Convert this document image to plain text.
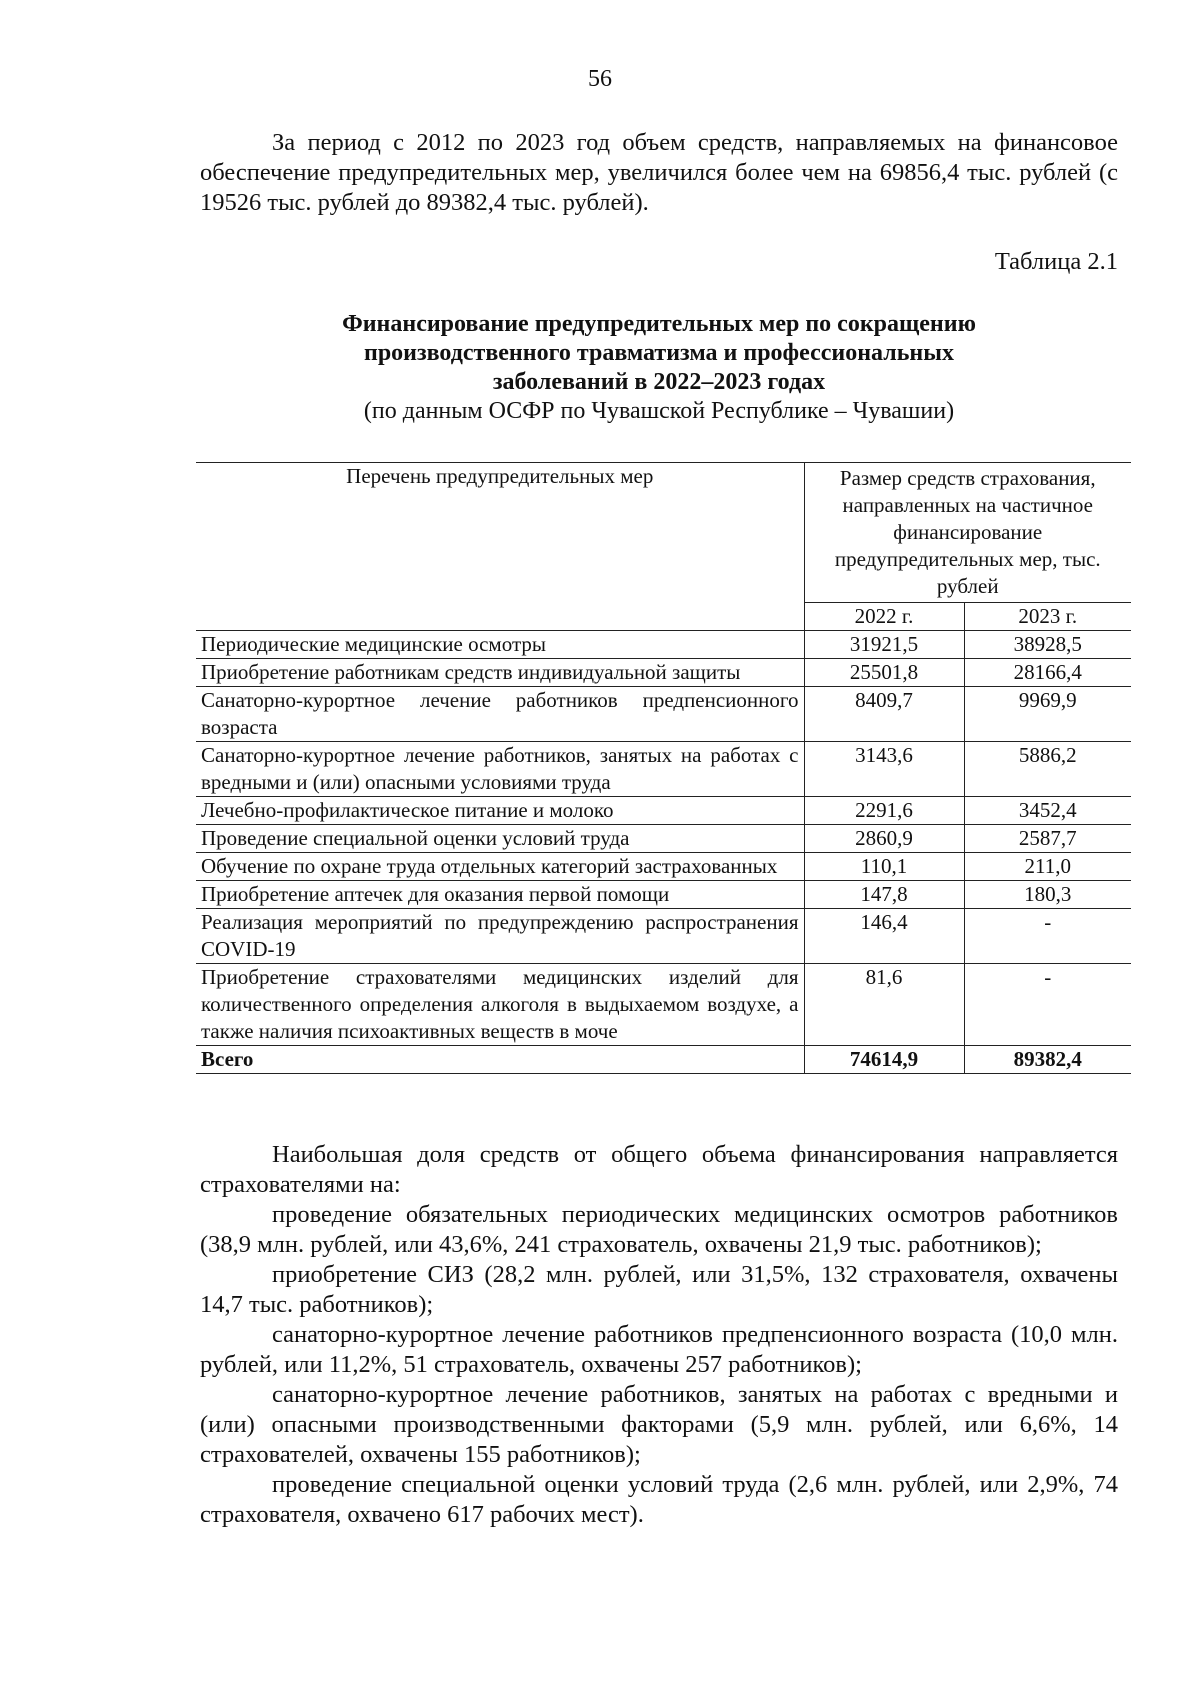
56

За период с 2012 по 2023 год объем средств, направляемых на финансовое обеспечение предупредительных мер, увеличился более чем на 69856,4 тыс. рублей (с 19526 тыс. рублей до 89382,4 тыс. рублей).

Таблица 2.1
Финансирование предупредительных мер по сокращению
производственного травматизма и профессиональных
заболеваний в 2022–2023 годах
(по данным ОСФР по Чувашской Республике – Чувашии)
Перечень предупредительных мер	Размер средств страхования, направленных на частичное финансирование предупредительных мер, тыс. рублей	
	2022 г.	2023 г.
Периодические медицинские осмотры	31921,5	38928,5
Приобретение работникам средств индивидуальной защиты	25501,8	28166,4
Санаторно-курортное лечение работников предпенсионного возраста	8409,7	9969,9
Санаторно-курортное лечение работников, занятых на работах с вредными и (или) опасными условиями труда	3143,6	5886,2
Лечебно-профилактическое питание и молоко	2291,6	3452,4
Проведение специальной оценки условий труда	2860,9	2587,7
Обучение по охране труда отдельных категорий застрахованных	110,1	211,0
Приобретение аптечек для оказания первой помощи	147,8	180,3
Реализация мероприятий по предупреждению распространения COVID-19	146,4	-
Приобретение страхователями медицинских изделий для количественного определения алкоголя в выдыхаемом воздухе, а также наличия психоактивных веществ в моче	81,6	-
Всего	74614,9	89382,4

Наибольшая доля средств от общего объема финансирования направляется страхователями на:

проведение обязательных периодических медицинских осмотров работников (38,9 млн. рублей, или 43,6%, 241 страхователь, охвачены 21,9 тыс. работников);

приобретение СИЗ (28,2 млн. рублей, или 31,5%, 132 страхователя, охвачены 14,7 тыс. работников);

санаторно-курортное лечение работников предпенсионного возраста (10,0 млн. рублей, или 11,2%, 51 страхователь, охвачены 257 работников);

санаторно-курортное лечение работников, занятых на работах с вредными и (или) опасными производственными факторами (5,9 млн. рублей, или 6,6%, 14 страхователей, охвачены 155 работников);

проведение специальной оценки условий труда (2,6 млн. рублей, или 2,9%, 74 страхователя, охвачено 617 рабочих мест).
